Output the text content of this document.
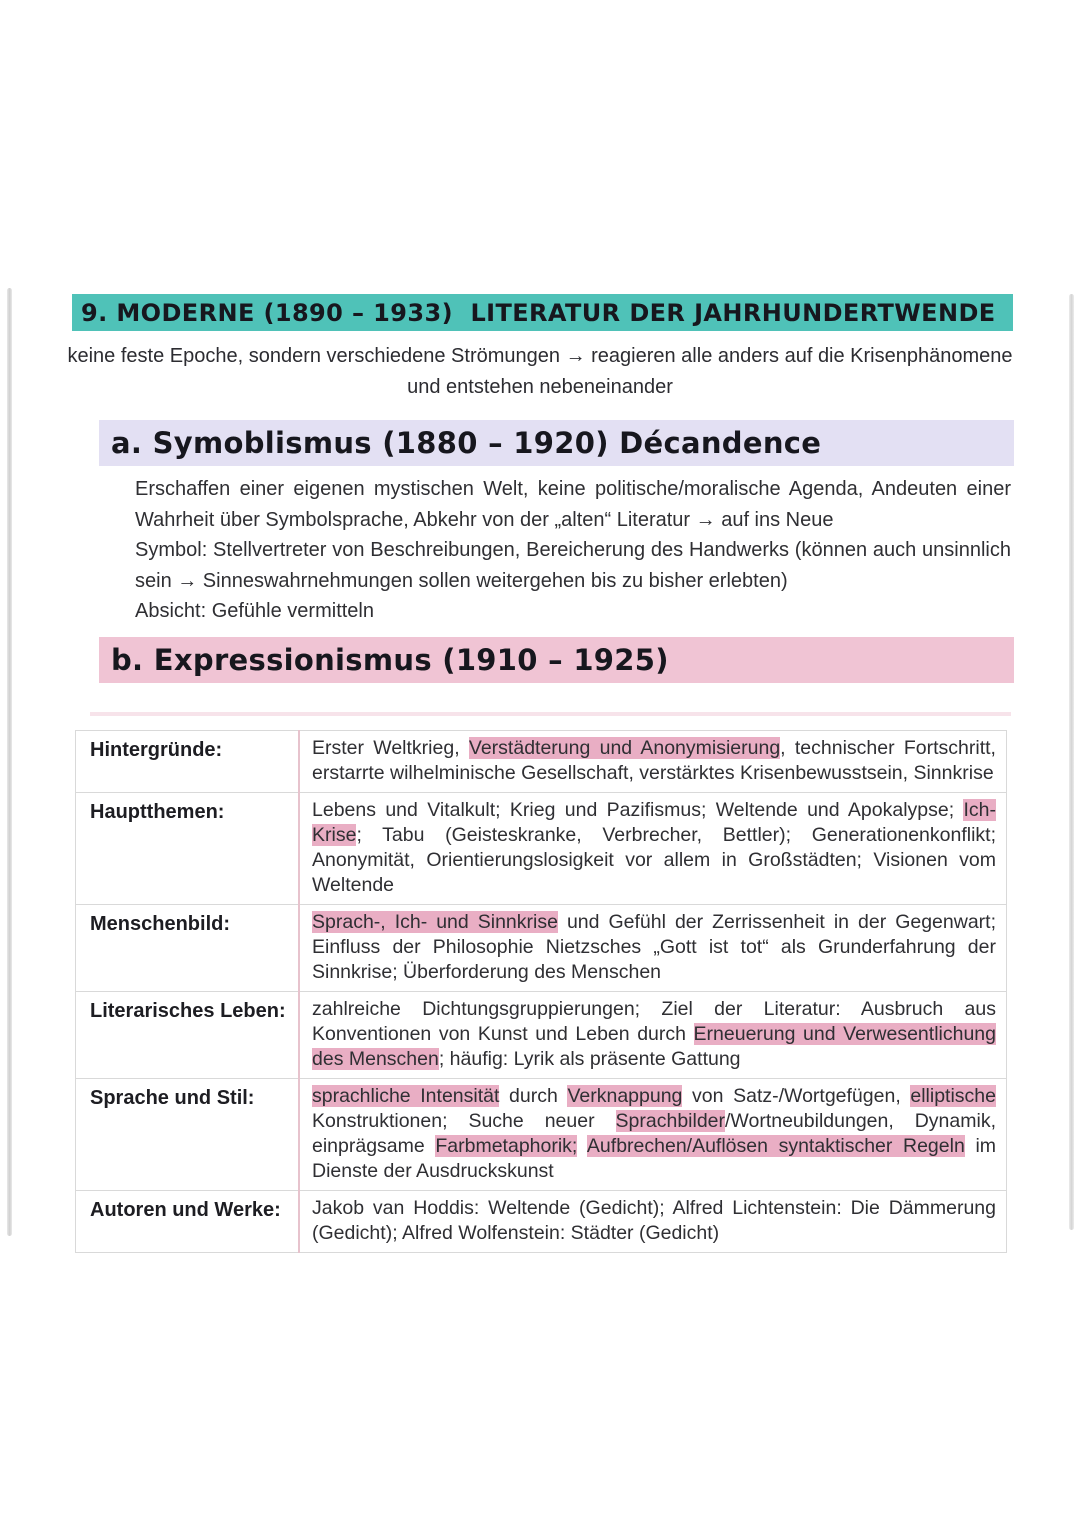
9. MODERNE (1890 – 1933)  LITERATUR DER JAHRHUNDERTWENDE
keine feste Epoche, sondern verschiedene Strömungen → reagieren alle anders auf die Krisenphänomene
und entstehen nebeneinander
a. Symoblismus (1880 – 1920) Décandence

Erschaffen einer eigenen mystischen Welt, keine politische/moralische Agenda, Andeuten einer Wahrheit über Symbolsprache, Abkehr von der „alten“ Literatur → auf ins Neue

Symbol: Stellvertreter von Beschreibungen, Bereicherung des Handwerks (können auch unsinnlich sein → Sinneswahrnehmungen sollen weitergehen bis zu bisher erlebten)

Absicht: Gefühle vermitteln

b. Expressionismus (1910 – 1925)
Hintergründe:	Erster Weltkrieg, Verstädterung und Anonymisierung, technischer Fortschritt, erstarrte wilhelminische Gesellschaft, verstärktes Krisenbewusstsein, Sinnkrise
Hauptthemen:	Lebens und Vitalkult; Krieg und Pazifismus; Weltende und Apokalypse; Ich-Krise; Tabu (Geisteskranke, Verbrecher, Bettler); Generationenkonflikt; Anonymität, Orientierungslosigkeit vor allem in Großstädten; Visionen vom Weltende
Menschenbild:	Sprach-, Ich- und Sinnkrise und Gefühl der Zerrissenheit in der Gegenwart; Einfluss der Philosophie Nietzsches „Gott ist tot“ als Grunderfahrung der Sinnkrise; Überforderung des Menschen
Literarisches Leben:	zahlreiche Dichtungsgruppierungen; Ziel der Literatur: Ausbruch aus Konventionen von Kunst und Leben durch Erneuerung und Verwesentlichung des Menschen; häufig: Lyrik als präsente Gattung
Sprache und Stil:	sprachliche Intensität durch Verknappung von Satz-/Wortgefügen, elliptische Konstruktionen; Suche neuer Sprachbilder/Wortneubildungen, Dynamik, einprägsame Farbmetaphorik; Aufbrechen/Auflösen syntaktischer Regeln im Dienste der Ausdruckskunst
Autoren und Werke:	Jakob van Hoddis: Weltende (Gedicht); Alfred Lichtenstein: Die Dämmerung (Gedicht); Alfred Wolfenstein: Städter (Gedicht)
